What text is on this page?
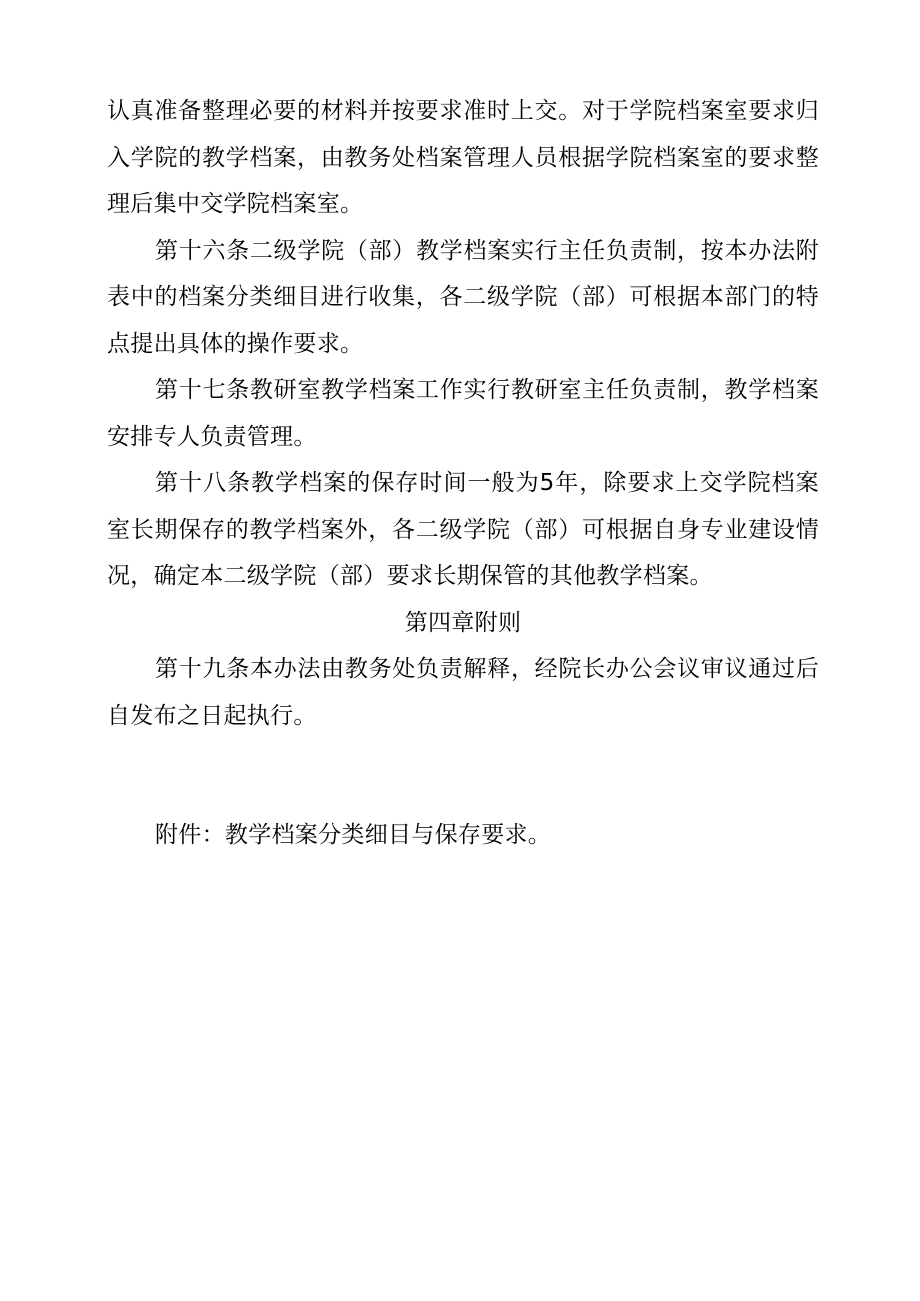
认真准备整理必要的材料并按要求准时上交。对于学院档案室要求归入学院的教学档案，由教务处档案管理人员根据学院档案室的要求整理后集中交学院档案室。

第十六条二级学院（部）教学档案实行主任负责制，按本办法附表中的档案分类细目进行收集，各二级学院（部）可根据本部门的特点提出具体的操作要求。

第十七条教研室教学档案工作实行教研室主任负责制，教学档案安排专人负责管理。

第十八条教学档案的保存时间一般为5年，除要求上交学院档案室长期保存的教学档案外，各二级学院（部）可根据自身专业建设情况，确定本二级学院（部）要求长期保管的其他教学档案。

第四章附则

第十九条本办法由教务处负责解释，经院长办公会议审议通过后自发布之日起执行。

附件：教学档案分类细目与保存要求。
